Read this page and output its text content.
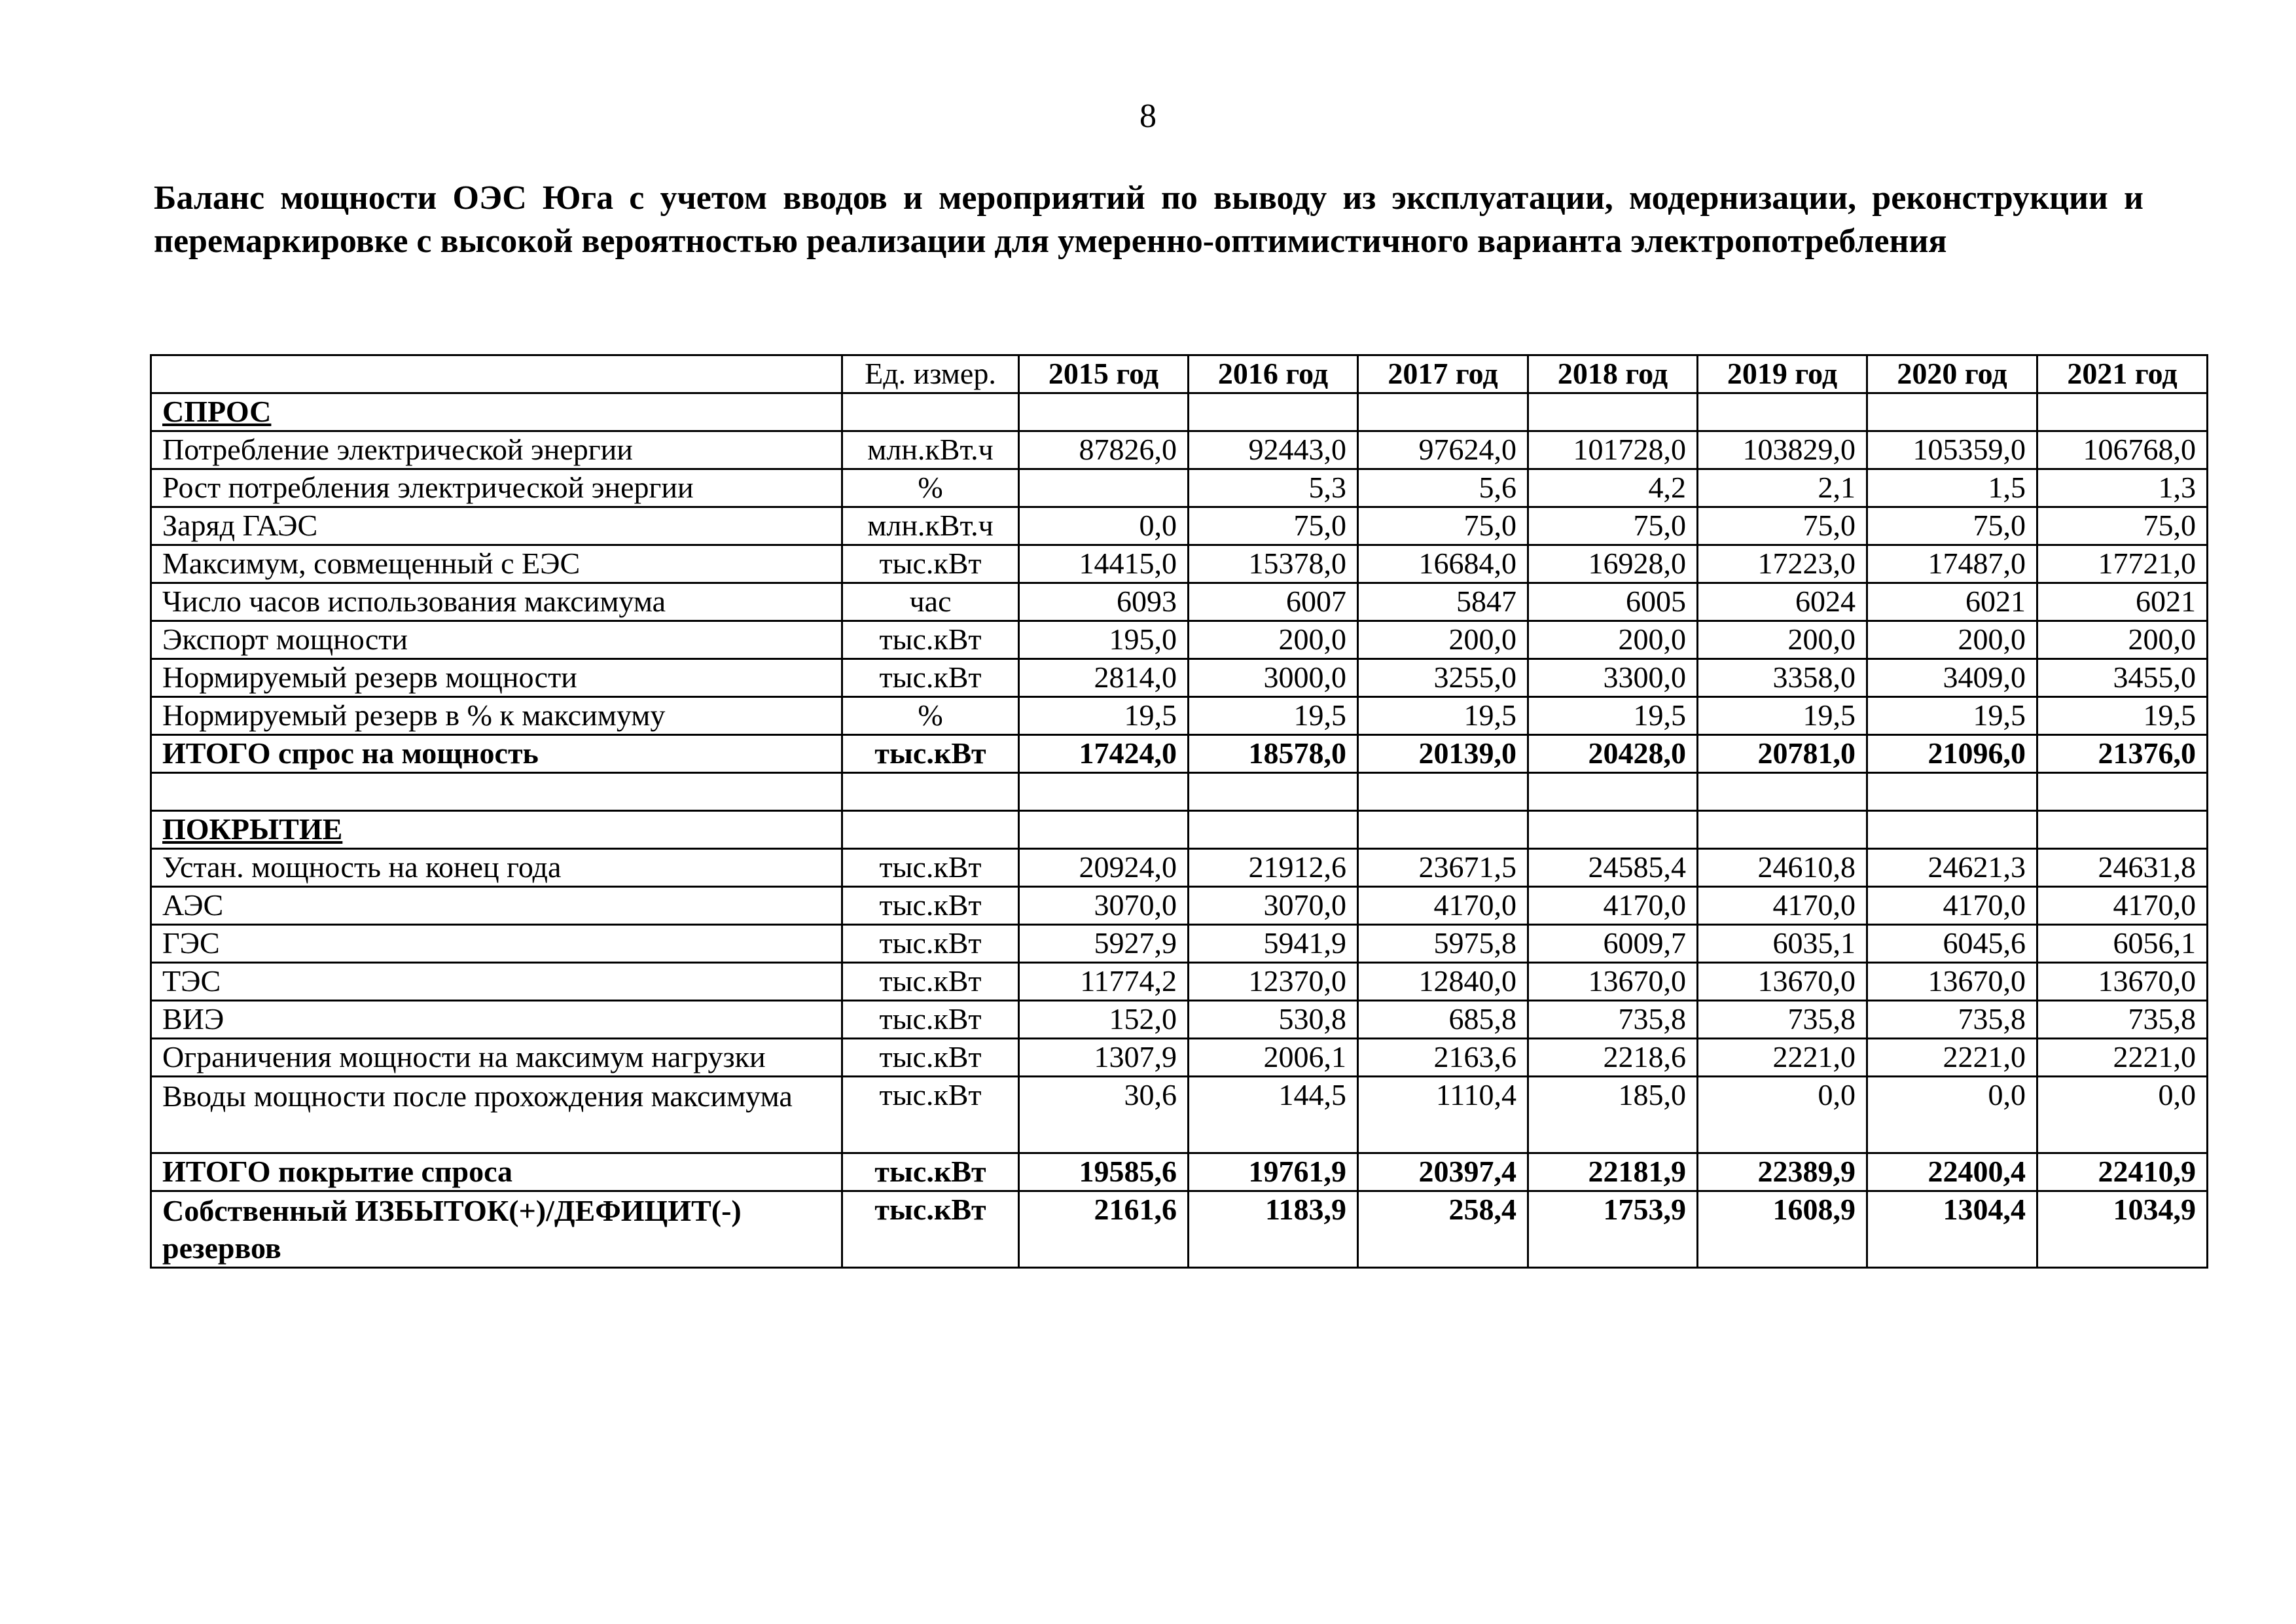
8
Баланс мощности ОЭС Юга с учетом вводов и мероприятий по выводу из эксплуатации, модернизации, реконструкции и перемаркировке с высокой вероятностью реализации для умеренно-оптимистичного варианта электропотребления
	Ед. измер.	2015 год	2016 год	2017 год	2018 год	2019 год	2020 год	2021 год
СПРОС								
Потребление электрической энергии	млн.кВт.ч	87826,0	92443,0	97624,0	101728,0	103829,0	105359,0	106768,0
Рост потребления электрической энергии	%		5,3	5,6	4,2	2,1	1,5	1,3
Заряд ГАЭС	млн.кВт.ч	0,0	75,0	75,0	75,0	75,0	75,0	75,0
Максимум, совмещенный с ЕЭС	тыс.кВт	14415,0	15378,0	16684,0	16928,0	17223,0	17487,0	17721,0
Число часов использования максимума	час	6093	6007	5847	6005	6024	6021	6021
Экспорт мощности	тыс.кВт	195,0	200,0	200,0	200,0	200,0	200,0	200,0
Нормируемый резерв мощности	тыс.кВт	2814,0	3000,0	3255,0	3300,0	3358,0	3409,0	3455,0
Нормируемый резерв в % к максимуму	%	19,5	19,5	19,5	19,5	19,5	19,5	19,5
ИТОГО спрос на мощность	тыс.кВт	17424,0	18578,0	20139,0	20428,0	20781,0	21096,0	21376,0

ПОКРЫТИЕ								
Устан. мощность на конец года	тыс.кВт	20924,0	21912,6	23671,5	24585,4	24610,8	24621,3	24631,8
АЭС	тыс.кВт	3070,0	3070,0	4170,0	4170,0	4170,0	4170,0	4170,0
ГЭС	тыс.кВт	5927,9	5941,9	5975,8	6009,7	6035,1	6045,6	6056,1
ТЭС	тыс.кВт	11774,2	12370,0	12840,0	13670,0	13670,0	13670,0	13670,0
ВИЭ	тыс.кВт	152,0	530,8	685,8	735,8	735,8	735,8	735,8
Ограничения мощности на максимум нагрузки	тыс.кВт	1307,9	2006,1	2163,6	2218,6	2221,0	2221,0	2221,0
Вводы мощности после прохождения максимума	тыс.кВт	30,6	144,5	1110,4	185,0	0,0	0,0	0,0
ИТОГО покрытие спроса	тыс.кВт	19585,6	19761,9	20397,4	22181,9	22389,9	22400,4	22410,9
Собственный ИЗБЫТОК(+)/ДЕФИЦИТ(-) резервов	тыс.кВт	2161,6	1183,9	258,4	1753,9	1608,9	1304,4	1034,9
